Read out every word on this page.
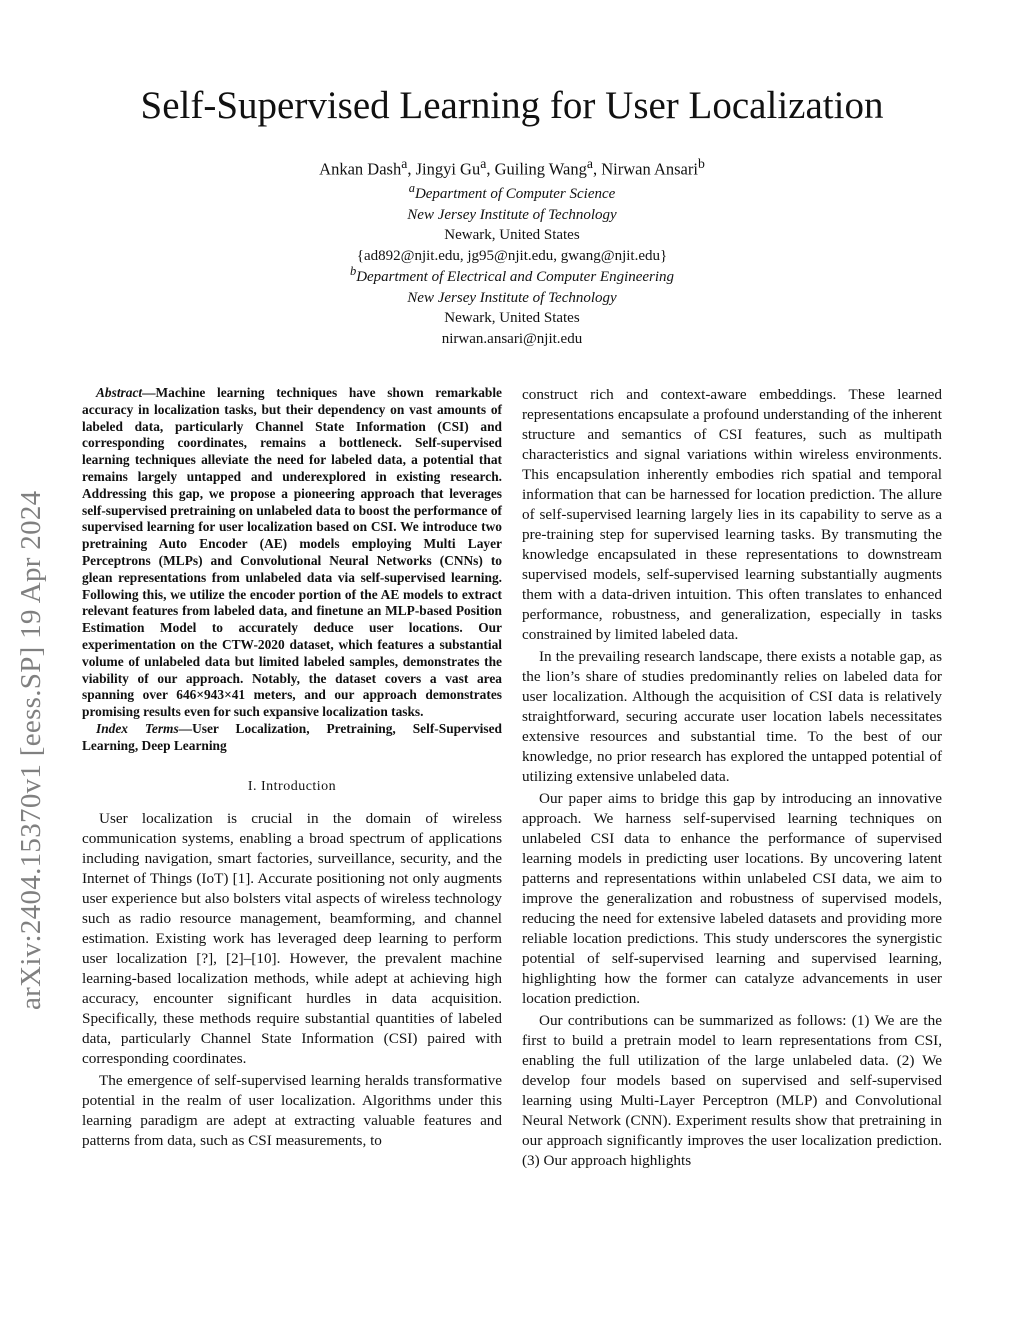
arXiv:2404.15370v1 [eess.SP] 19 Apr 2024
Self-Supervised Learning for User Localization
Ankan Dash$^a$, Jingyi Gu$^a$, Guiling Wang$^a$, Nirwan Ansari$^b$
$^a$Department of Computer Science
New Jersey Institute of Technology
Newark, United States
{ad892@njit.edu, jg95@njit.edu, gwang@njit.edu}
$^b$Department of Electrical and Computer Engineering
New Jersey Institute of Technology
Newark, United States
nirwan.ansari@njit.edu

Abstract—Machine learning techniques have shown remarkable accuracy in localization tasks, but their dependency on vast amounts of labeled data, particularly Channel State Information (CSI) and corresponding coordinates, remains a bottleneck. Self-supervised learning techniques alleviate the need for labeled data, a potential that remains largely untapped and underexplored in existing research. Addressing this gap, we propose a pioneering approach that leverages self-supervised pretraining on unlabeled data to boost the performance of supervised learning for user localization based on CSI. We introduce two pretraining Auto Encoder (AE) models employing Multi Layer Perceptrons (MLPs) and Convolutional Neural Networks (CNNs) to glean representations from unlabeled data via self-supervised learning. Following this, we utilize the encoder portion of the AE models to extract relevant features from labeled data, and finetune an MLP-based Position Estimation Model to accurately deduce user locations. Our experimentation on the CTW-2020 dataset, which features a substantial volume of unlabeled data but limited labeled samples, demonstrates the viability of our approach. Notably, the dataset covers a vast area spanning over 646×943×41 meters, and our approach demonstrates promising results even for such expansive localization tasks.

Index Terms—User Localization, Pretraining, Self-Supervised Learning, Deep Learning

I. Introduction

User localization is crucial in the domain of wireless communication systems, enabling a broad spectrum of applications including navigation, smart factories, surveillance, security, and the Internet of Things (IoT) [1]. Accurate positioning not only augments user experience but also bolsters vital aspects of wireless technology such as radio resource management, beamforming, and channel estimation. Existing work has leveraged deep learning to perform user localization [?], [2]–[10]. However, the prevalent machine learning-based localization methods, while adept at achieving high accuracy, encounter significant hurdles in data acquisition. Specifically, these methods require substantial quantities of labeled data, particularly Channel State Information (CSI) paired with corresponding coordinates.

The emergence of self-supervised learning heralds transformative potential in the realm of user localization. Algorithms under this learning paradigm are adept at extracting valuable features and patterns from data, such as CSI measurements, to

construct rich and context-aware embeddings. These learned representations encapsulate a profound understanding of the inherent structure and semantics of CSI features, such as multipath characteristics and signal variations within wireless environments. This encapsulation inherently embodies rich spatial and temporal information that can be harnessed for location prediction. The allure of self-supervised learning largely lies in its capability to serve as a pre-training step for supervised learning tasks. By transmuting the knowledge encapsulated in these representations to downstream supervised models, self-supervised learning substantially augments them with a data-driven intuition. This often translates to enhanced performance, robustness, and generalization, especially in tasks constrained by limited labeled data.

In the prevailing research landscape, there exists a notable gap, as the lion’s share of studies predominantly relies on labeled data for user localization. Although the acquisition of CSI data is relatively straightforward, securing accurate user location labels necessitates extensive resources and substantial time. To the best of our knowledge, no prior research has explored the untapped potential of utilizing extensive unlabeled data.

Our paper aims to bridge this gap by introducing an innovative approach. We harness self-supervised learning techniques on unlabeled CSI data to enhance the performance of supervised learning models in predicting user locations. By uncovering latent patterns and representations within unlabeled CSI data, we aim to improve the generalization and robustness of supervised models, reducing the need for extensive labeled datasets and providing more reliable location predictions. This study underscores the synergistic potential of self-supervised learning and supervised learning, highlighting how the former can catalyze advancements in user location prediction.

Our contributions can be summarized as follows: (1) We are the first to build a pretrain model to learn representations from CSI, enabling the full utilization of the large unlabeled data. (2) We develop four models based on supervised and self-supervised learning using Multi-Layer Perceptron (MLP) and Convolutional Neural Network (CNN). Experiment results show that pretraining in our approach significantly improves the user localization prediction. (3) Our approach highlights
